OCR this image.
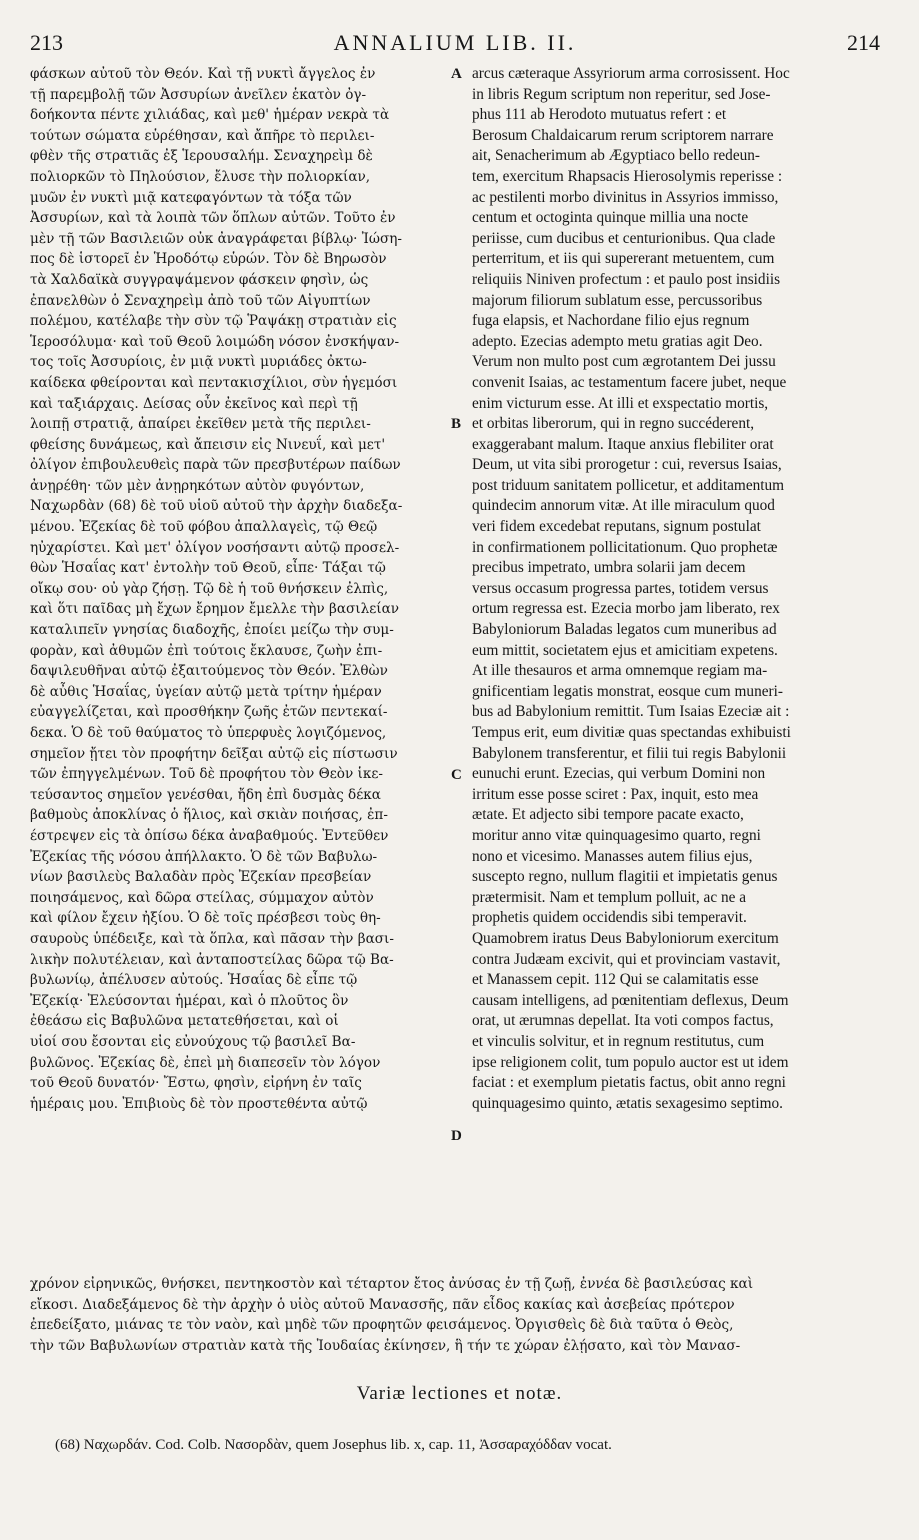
213	ANNALIUM LIB. II.	214
φάσκων αὐτοῦ τὸν Θεόν. Καὶ τῇ νυκτὶ ἄγγελος ἐν
τῇ παρεμβολῇ τῶν Ἀσσυρίων ἀνεῖλεν ἑκατὸν ὀγ-
δοήκοντα πέντε χιλιάδας, καὶ μεθ' ἡμέραν νεκρὰ τὰ
τούτων σώματα εὑρέθησαν, καὶ ἄπῆρε τὸ περιλει-
φθὲν τῆς στρατιᾶς ἐξ Ἱερουσαλήμ. Σεναχηρεὶμ δὲ
πολιορκῶν τὸ Πηλούσιον, ἔλυσε τὴν πολιορκίαν,
μυῶν ἐν νυκτὶ μιᾷ κατεφαγόντων τὰ τόξα τῶν
Ἀσσυρίων, καὶ τὰ λοιπὰ τῶν ὅπλων αὐτῶν. Τοῦτο ἐν
μὲν τῇ τῶν Βασιλειῶν οὐκ ἀναγράφεται βίβλῳ· Ἰώση-
πος δὲ ἱστορεῖ ἐν Ἡροδότῳ εὑρών. Τὸν δὲ Βηρωσὸν
τὰ Χαλδαϊκὰ συγγραψάμενον φάσκειν φησὶν, ὡς
ἐπανελθὼν ὁ Σεναχηρεὶμ ἀπὸ τοῦ τῶν Αἰγυπτίων
πολέμου, κατέλαβε τὴν σὺν τῷ Ῥαψάκῃ στρατιὰν εἰς
Ἱεροσόλυμα· καὶ τοῦ Θεοῦ λοιμώδη νόσον ἐνσκήψαν-
τος τοῖς Ἀσσυρίοις, ἐν μιᾷ νυκτὶ μυριάδες ὀκτω-
καίδεκα φθείρονται καὶ πεντακισχίλιοι, σὺν ἡγεμόσι
καὶ ταξιάρχαις. Δείσας οὖν ἐκεῖνος καὶ περὶ τῇ
λοιπῇ στρατιᾷ, ἀπαίρει ἐκεῖθεν μετὰ τῆς περιλει-
φθείσης δυνάμεως, καὶ ἄπεισιν εἰς Νινευΐ, καὶ μετ'
ὀλίγον ἐπιβουλευθεὶς παρὰ τῶν πρεσβυτέρων παίδων
ἀνῃρέθη· τῶν μὲν ἀνῃρηκότων αὐτὸν φυγόντων,
Ναχωρδὰν (68) δὲ τοῦ υἱοῦ αὐτοῦ τὴν ἀρχὴν διαδεξα-
μένου. Ἐζεκίας δὲ τοῦ φόβου ἀπαλλαγεὶς, τῷ Θεῷ
ηὐχαρίστει. Καὶ μετ' ὀλίγον νοσήσαντι αὐτῷ προσελ-
θὼν Ἡσαΐας κατ' ἐντολὴν τοῦ Θεοῦ, εἶπε· Τάξαι τῷ
οἴκῳ σου· οὐ γὰρ ζήσῃ. Τῷ δὲ ἡ τοῦ θνήσκειν ἐλπὶς,
καὶ ὅτι παῖδας μὴ ἔχων ἔρημον ἔμελλε τὴν βασιλείαν
καταλιπεῖν γνησίας διαδοχῆς, ἐποίει μείζω τὴν συμ-
φορὰν, καὶ ἀθυμῶν ἐπὶ τούτοις ἔκλαυσε, ζωὴν ἐπι-
δαψιλευθῆναι αὐτῷ ἐξαιτούμενος τὸν Θεόν. Ἐλθὼν
δὲ αὖθις Ἡσαΐας, ὑγείαν αὐτῷ μετὰ τρίτην ἡμέραν
εὐαγγελίζεται, καὶ προσθήκην ζωῆς ἐτῶν πεντεκαί-
δεκα. Ὁ δὲ τοῦ θαύματος τὸ ὑπερφυὲς λογιζόμενος,
σημεῖον ᾔτει τὸν προφήτην δεῖξαι αὐτῷ εἰς πίστωσιν
τῶν ἐπηγγελμένων. Τοῦ δὲ προφήτου τὸν Θεὸν ἱκε-
τεύσαντος σημεῖον γενέσθαι, ἤδη ἐπὶ δυσμὰς δέκα
βαθμοὺς ἀποκλίνας ὁ ἥλιος, καὶ σκιὰν ποιήσας, ἐπ-
έστρεψεν εἰς τὰ ὀπίσω δέκα ἀναβαθμούς. Ἐντεῦθεν
Ἐζεκίας τῆς νόσου ἀπήλλακτο. Ὁ δὲ τῶν Βαβυλω-
νίων βασιλεὺς Βαλαδὰν πρὸς Ἐζεκίαν πρεσβείαν
ποιησάμενος, καὶ δῶρα στείλας, σύμμαχον αὐτὸν
καὶ φίλον ἔχειν ἠξίου. Ὁ δὲ τοῖς πρέσβεσι τοὺς θη-
σαυροὺς ὑπέδειξε, καὶ τὰ ὅπλα, καὶ πᾶσαν τὴν βασι-
λικὴν πολυτέλειαν, καὶ ἀνταποστείλας δῶρα τῷ Βα-
βυλωνίῳ, ἀπέλυσεν αὐτούς. Ἡσαΐας δὲ εἶπε τῷ
Ἐζεκίᾳ· Ἐλεύσονται ἡμέραι, καὶ ὁ πλοῦτος ὃν
ἐθεάσω εἰς Βαβυλῶνα μετατεθήσεται, καὶ οἱ
υἱοί σου ἔσονται εἰς εὐνούχους τῷ βασιλεῖ Βα-
βυλῶνος. Ἐζεκίας δὲ, ἐπεὶ μὴ διαπεσεῖν τὸν λόγον
τοῦ Θεοῦ δυνατόν· Ἔστω, φησὶν, εἰρήνη ἐν ταῖς
ἡμέραις μου. Ἐπιβιοὺς δὲ τὸν προστεθέντα αὐτῷ
arcus cæteraque Assyriorum arma corrosissent. Hoc
in libris Regum scriptum non reperitur, sed Jose-
phus 111 ab Herodoto mutuatus refert : et
Berosum Chaldaicarum rerum scriptorem narrare
ait, Senacherimum ab Ægyptiaco bello redeun-
tem, exercitum Rhapsacis Hierosolymis reperisse :
ac pestilenti morbo divinitus in Assyrios immisso,
centum et octoginta quinque millia una nocte
periisse, cum ducibus et centurionibus. Qua clade
perterritum, et iis qui supererant metuentem, cum
reliquiis Niniven profectum : et paulo post insidiis
majorum filiorum sublatum esse, percussoribus
fuga elapsis, et Nachordane filio ejus regnum
adepto. Ezecias adempto metu gratias agit Deo.
Verum non multo post cum ægrotantem Dei jussu
convenit Isaias, ac testamentum facere jubet, neque
enim victurum esse. At illi et exspectatio mortis,
et orbitas liberorum, qui in regno succéderent,
exaggerabant malum. Itaque anxius flebiliter orat
Deum, ut vita sibi prorogetur : cui, reversus Isaias,
post triduum sanitatem pollicetur, et additamentum
quindecim annorum vitæ. At ille miraculum quod
veri fidem excedebat reputans, signum postulat
in confirmationem pollicitationum. Quo prophetæ
precibus impetrato, umbra solarii jam decem
versus occasum progressa partes, totidem versus
ortum regressa est. Ezecia morbo jam liberato, rex
Babyloniorum Baladas legatos cum muneribus ad
eum mittit, societatem ejus et amicitiam expetens.
At ille thesauros et arma omnemque regiam ma-
gnificentiam legatis monstrat, eosque cum muneri-
bus ad Babylonium remittit. Tum Isaias Ezeciæ ait :
Tempus erit, eum divitiæ quas spectandas exhibuisti
Babylonem transferentur, et filii tui regis Babylonii
eunuchi erunt. Ezecias, qui verbum Domini non
irritum esse posse sciret : Pax, inquit, esto mea
ætate. Et adjecto sibi tempore pacate exacto,
moritur anno vitæ quinquagesimo quarto, regni
nono et vicesimo. Manasses autem filius ejus,
suscepto regno, nullum flagitii et impietatis genus
prætermisit. Nam et templum polluit, ac ne a
prophetis quidem occidendis sibi temperavit.
Quamobrem iratus Deus Babyloniorum exercitum
contra Judæam excivit, qui et provinciam vastavit,
et Manassem cepit. 112 Qui se calamitatis esse
causam intelligens, ad pœnitentiam deflexus, Deum
orat, ut ærumnas depellat. Ita voti compos factus,
et vinculis solvitur, et in regnum restitutus, cum
ipse religionem colit, tum populo auctor est ut idem
faciat : et exemplum pietatis factus, obit anno regni
quinquagesimo quinto, ætatis sexagesimo septimo.
A
B
C
D
χρόνον εἰρηνικῶς, θνήσκει, πεντηκοστὸν καὶ τέταρτον ἔτος ἀνύσας ἐν τῇ ζωῇ, ἐννέα δὲ βασιλεύσας καὶ
εἴκοσι. Διαδεξάμενος δὲ τὴν ἀρχὴν ὁ υἱὸς αὐτοῦ Μανασσῆς, πᾶν εἶδος κακίας καὶ ἀσεβείας πρότερον
ἐπεδείξατο, μιάνας τε τὸν ναὸν, καὶ μηδὲ τῶν προφητῶν φεισάμενος. Ὀργισθεὶς δὲ διὰ ταῦτα ὁ Θεὸς,
τὴν τῶν Βαβυλωνίων στρατιὰν κατὰ τῆς Ἰουδαίας ἐκίνησεν, ἣ τήν τε χώραν ἐλῄσατο, καὶ τὸν Μανασ-
Variæ lectiones et notæ.
(68) Ναχωρδάν. Cod. Colb. Νασορδὰν, quem Josephus lib. x, cap. 11, Ἀσσαραχόδδαν vocat.
